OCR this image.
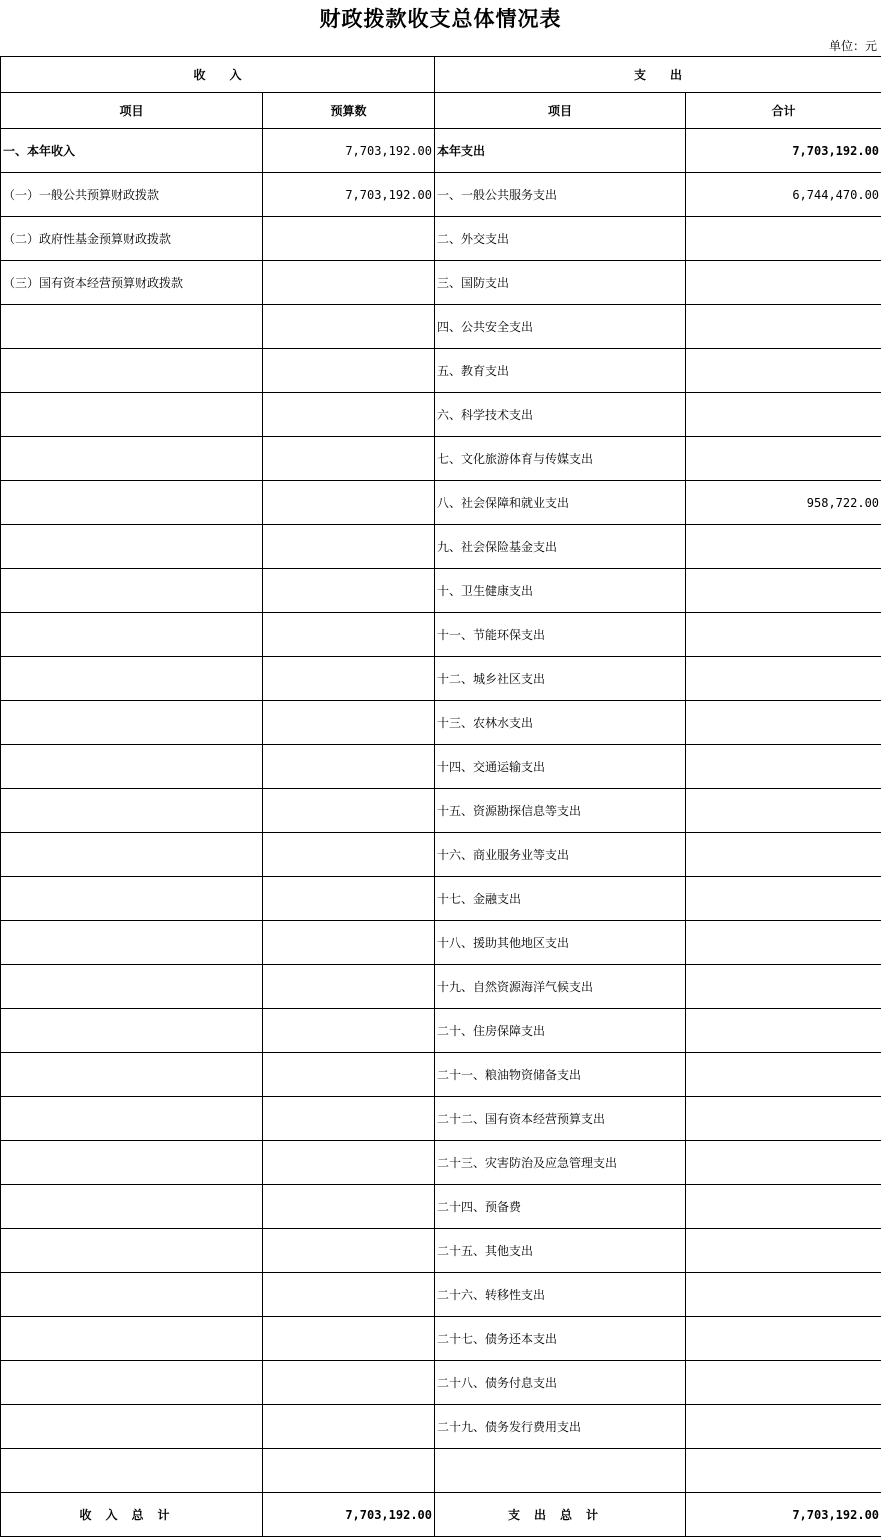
财政拨款收支总体情况表
单位：元
收　　入		支　　出	
项目	预算数	项目	合计
一、本年收入	7,703,192.00	本年支出	7,703,192.00
（一）一般公共预算财政拨款	7,703,192.00	一、一般公共服务支出	6,744,470.00
（二）政府性基金预算财政拨款		二、外交支出	
（三）国有资本经营预算财政拨款		三、国防支出	
		四、公共安全支出	
		五、教育支出	
		六、科学技术支出	
		七、文化旅游体育与传媒支出	
		八、社会保障和就业支出	958,722.00
		九、社会保险基金支出	
		十、卫生健康支出	
		十一、节能环保支出	
		十二、城乡社区支出	
		十三、农林水支出	
		十四、交通运输支出	
		十五、资源勘探信息等支出	
		十六、商业服务业等支出	
		十七、金融支出	
		十八、援助其他地区支出	
		十九、自然资源海洋气候支出	
		二十、住房保障支出	
		二十一、粮油物资储备支出	
		二十二、国有资本经营预算支出	
		二十三、灾害防治及应急管理支出	
		二十四、预备费	
		二十五、其他支出	
		二十六、转移性支出	
		二十七、债务还本支出	
		二十八、债务付息支出	
		二十九、债务发行费用支出	

收入总计	7,703,192.00	支出总计	7,703,192.00
